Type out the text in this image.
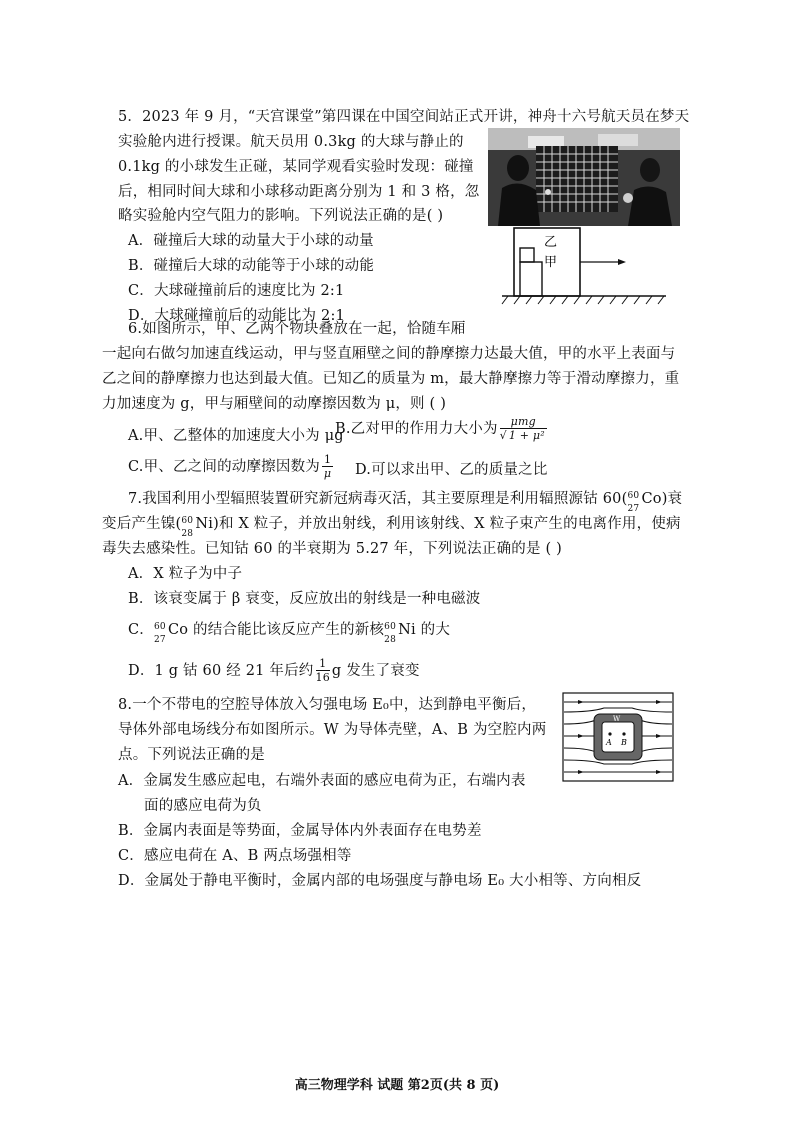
5．2023 年 9 月，“天宫课堂”第四课在中国空间站正式开讲，神舟十六号航天员在梦天
实验舱内进行授课。航天员用 0.3kg 的大球与静止的
0.1kg 的小球发生正碰，某同学观看实验时发现：碰撞
后，相同时间大球和小球移动距离分别为 1 和 3 格，忽
略实验舱内空气阻力的影响。下列说法正确的是( )
A．碰撞后大球的动量大于小球的动量
B．碰撞后大球的动能等于小球的动能
C．大球碰撞前后的速度比为 2:1
D．大球碰撞前后的动能比为 2:1
乙
甲
6.如图所示，甲、乙两个物块叠放在一起，恰随车厢
一起向右做匀加速直线运动，甲与竖直厢壁之间的静摩擦力达最大值，甲的水平上表面与
乙之间的静摩擦力也达到最大值。已知乙的质量为 m，最大静摩擦力等于滑动摩擦力，重
力加速度为 g，甲与厢壁间的动摩擦因数为 μ，则 ( )
A.甲、乙整体的加速度大小为 μg
B.乙对甲的作用力大小为 $\frac{\text{μmg}}{\text{√ 1 + μ²}}$
C.甲、乙之间的动摩擦因数为 $\frac{1}{\mu} D$.可以求出甲、乙的质量之比
7.我国利用小型辐照装置研究新冠病毒灭活，其主要原理是利用辐照源钴 60( 60
27
Co)衰
变后产生镍( 60
28
Ni)和 X 粒子，并放出射线，利用该射线、X 粒子束产生的电离作用，使病
毒失去感染性。已知钴 60 的半衰期为 5.27 年，下列说法正确的是 ( )
A．X 粒子为中子
B．该衰变属于 β 衰变，反应放出的射线是一种电磁波
C． 60
27
Co 的结合能比该反应产生的新核 60
28
Ni 的大
D．1 g 钴 60 经 21 年后约 $\frac{1}{16}$ g 发生了衰变
8.一个不带电的空腔导体放入匀强电场 E₀中，达到静电平衡后，
导体外部电场线分布如图所示。W 为导体壳壁，A、B 为空腔内两
点。下列说法正确的是
A．金属发生感应起电，右端外表面的感应电荷为正，右端内表
面的感应电荷为负
B．金属内表面是等势面，金属导体内外表面存在电势差
C．感应电荷在 A、B 两点场强相等
D．金属处于静电平衡时，金属内部的电场强度与静电场 E₀ 大小相等、方向相反
W
A B
高三物理学科 试题 第2页(共 8 页)
